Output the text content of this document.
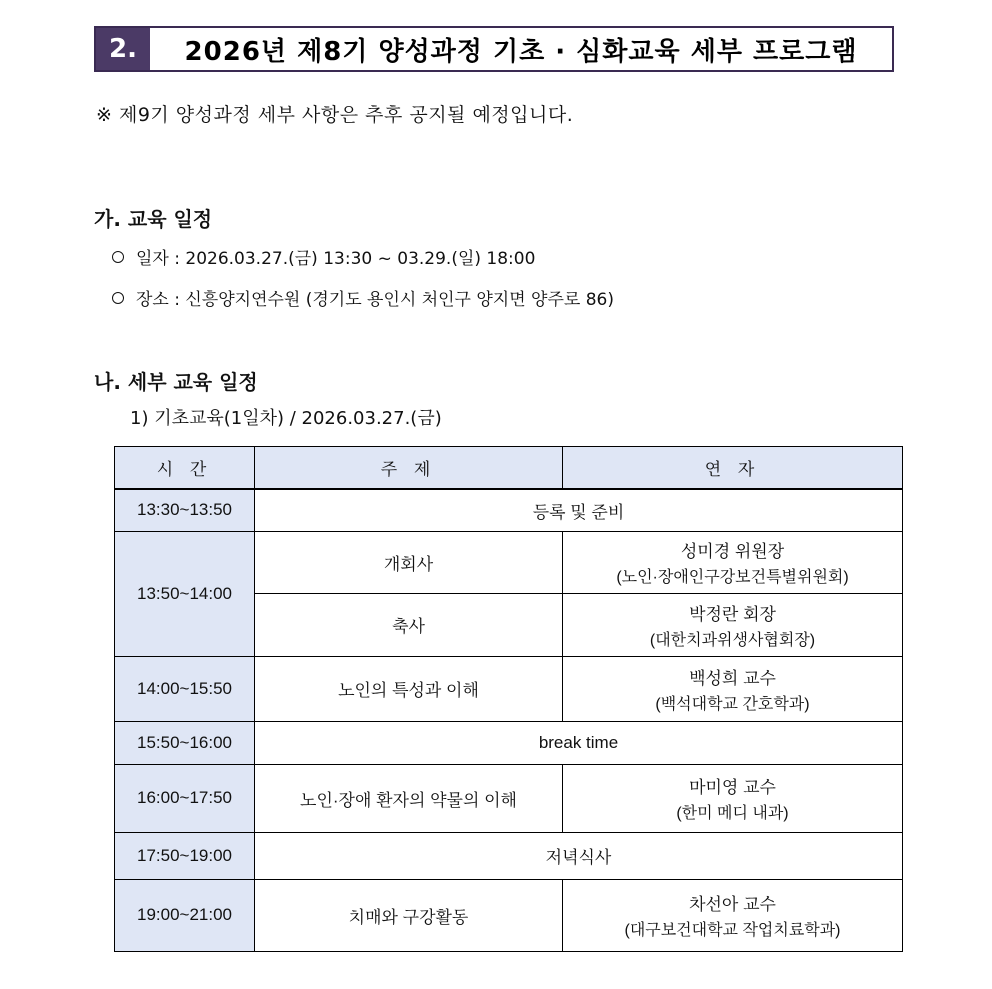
2.	2026년 제8기 양성과정 기초 · 심화교육 세부 프로그램
※ 제9기 양성과정 세부 사항은 추후 공지될 예정입니다.
가. 교육 일정
일자 : 2026.03.27.(금) 13:30 ~ 03.29.(일) 18:00
장소 : 신흥양지연수원 (경기도 용인시 처인구 양지면 양주로 86)
나. 세부 교육 일정
1) 기초교육(1일차) / 2026.03.27.(금)
시 간	주 제	연 자
13:30~13:50	등록 및 준비	
13:50~14:00	개회사	성미경 위원장
(노인·장애인구강보건특별위원회)

	축사	박정란 회장
(대한치과위생사협회장)

14:00~15:50	노인의 특성과 이해	백성희 교수
(백석대학교 간호학과)

15:50~16:00	break time	
16:00~17:50	노인·장애 환자의 약물의 이해	마미영 교수
(한미 메디 내과)

17:50~19:00	저녁식사	
19:00~21:00	치매와 구강활동	차선아 교수
(대구보건대학교 작업치료학과)
